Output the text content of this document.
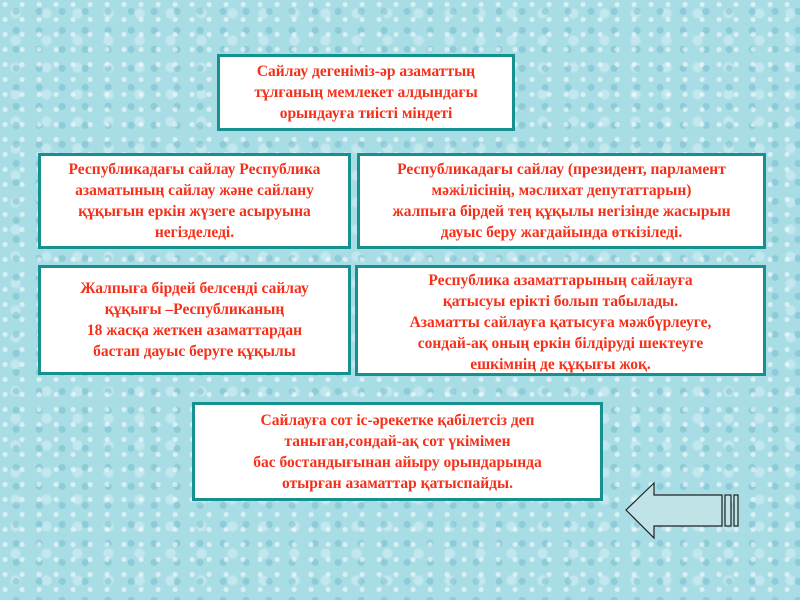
Сайлау дегеніміз-әр азаматтың
тұлғаның мемлекет алдындағы
орындауға тиісті міндеті
Республикадағы сайлау Республика
азаматының сайлау және сайлану
құқығын еркін жүзеге асыруына
негізделеді.
Республикадағы сайлау (президент, парламент
мәжілісінің, мәслихат депутаттарын)
жалпыға бірдей тең құқылы негізінде жасырын
дауыс беру жағдайында өткізіледі.
Жалпыға бірдей белсенді сайлау
құқығы –Республиканың
18 жасқа жеткен азаматтардан
бастап дауыс беруге құқылы
Республика азаматтарының сайлауға
қатысуы ерікті болып табылады.
Азаматты сайлауға қатысуға мәжбүрлеуге,
сондай-ақ оның еркін білдіруді шектеуге
ешкімнің де құқығы жоқ.
Сайлауға сот іс-әрекетке қабілетсіз деп
таныған,сондай-ақ сот үкімімен
бас бостандығынан айыру орындарында
отырған азаматтар қатыспайды.
